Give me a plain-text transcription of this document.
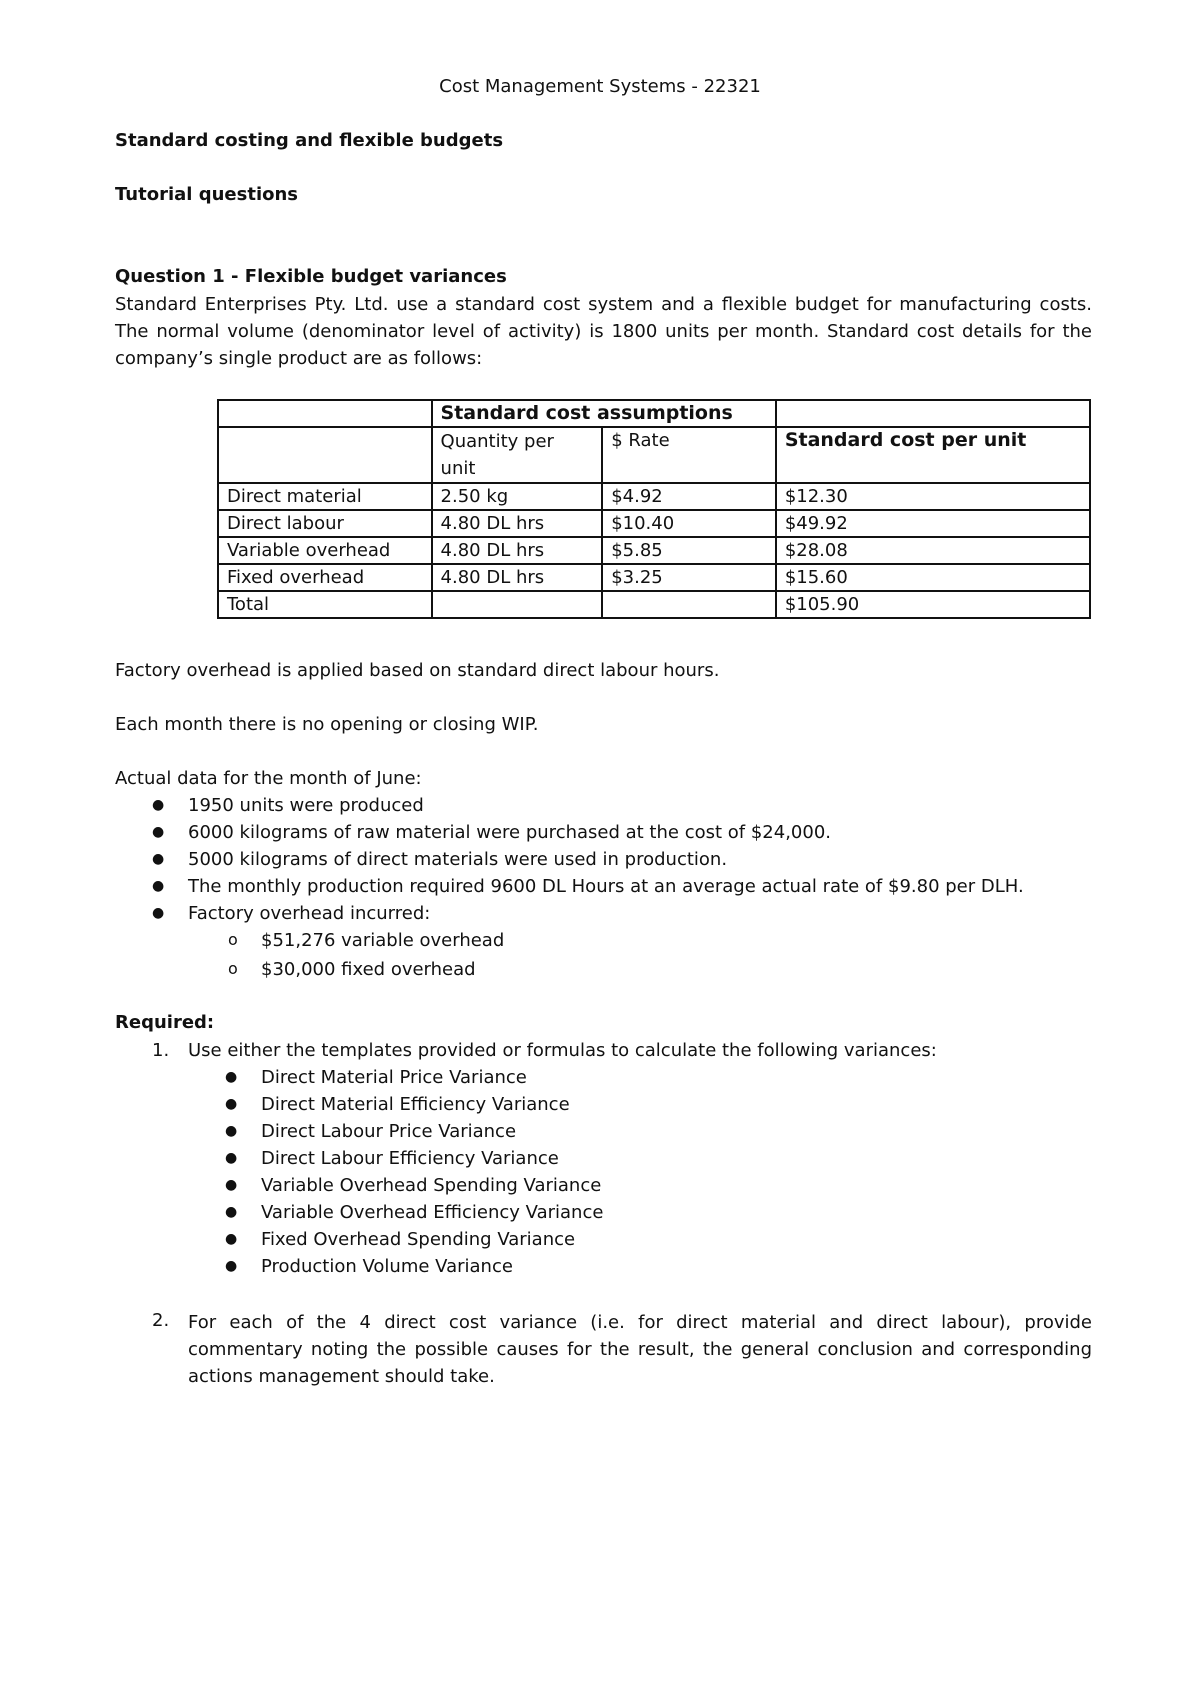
Cost Management Systems - 22321

Standard costing and flexible budgets

Tutorial questions

Question 1 - Flexible budget variances

Standard Enterprises Pty. Ltd. use a standard cost system and a flexible budget for manufacturing costs.
The normal volume (denominator level of activity) is 1800 units per month. Standard cost details for the
company’s single product are as follows:
	Standard cost assumptions		
	Quantity per unit	$ Rate	Standard cost per unit
Direct material	2.50 kg	$4.92	$12.30
Direct labour	4.80 DL hrs	$10.40	$49.92
Variable overhead	4.80 DL hrs	$5.85	$28.08
Fixed overhead	4.80 DL hrs	$3.25	$15.60
Total			$105.90

Factory overhead is applied based on standard direct labour hours.

Each month there is no opening or closing WIP.

Actual data for the month of June:

● 1950 units were produced

● 6000 kilograms of raw material were purchased at the cost of $24,000.

● 5000 kilograms of direct materials were used in production.

● The monthly production required 9600 DL Hours at an average actual rate of $9.80 per DLH.

● Factory overhead incurred:

o $51,276 variable overhead

o $30,000 fixed overhead

Required:

1. Use either the templates provided or formulas to calculate the following variances:

● Direct Material Price Variance

● Direct Material Efficiency Variance

● Direct Labour Price Variance

● Direct Labour Efficiency Variance

● Variable Overhead Spending Variance

● Variable Overhead Efficiency Variance

● Fixed Overhead Spending Variance

● Production Volume Variance

2. For each of the 4 direct cost variance (i.e. for direct material and direct labour), provide
commentary noting the possible causes for the result, the general conclusion and corresponding
actions management should take.
